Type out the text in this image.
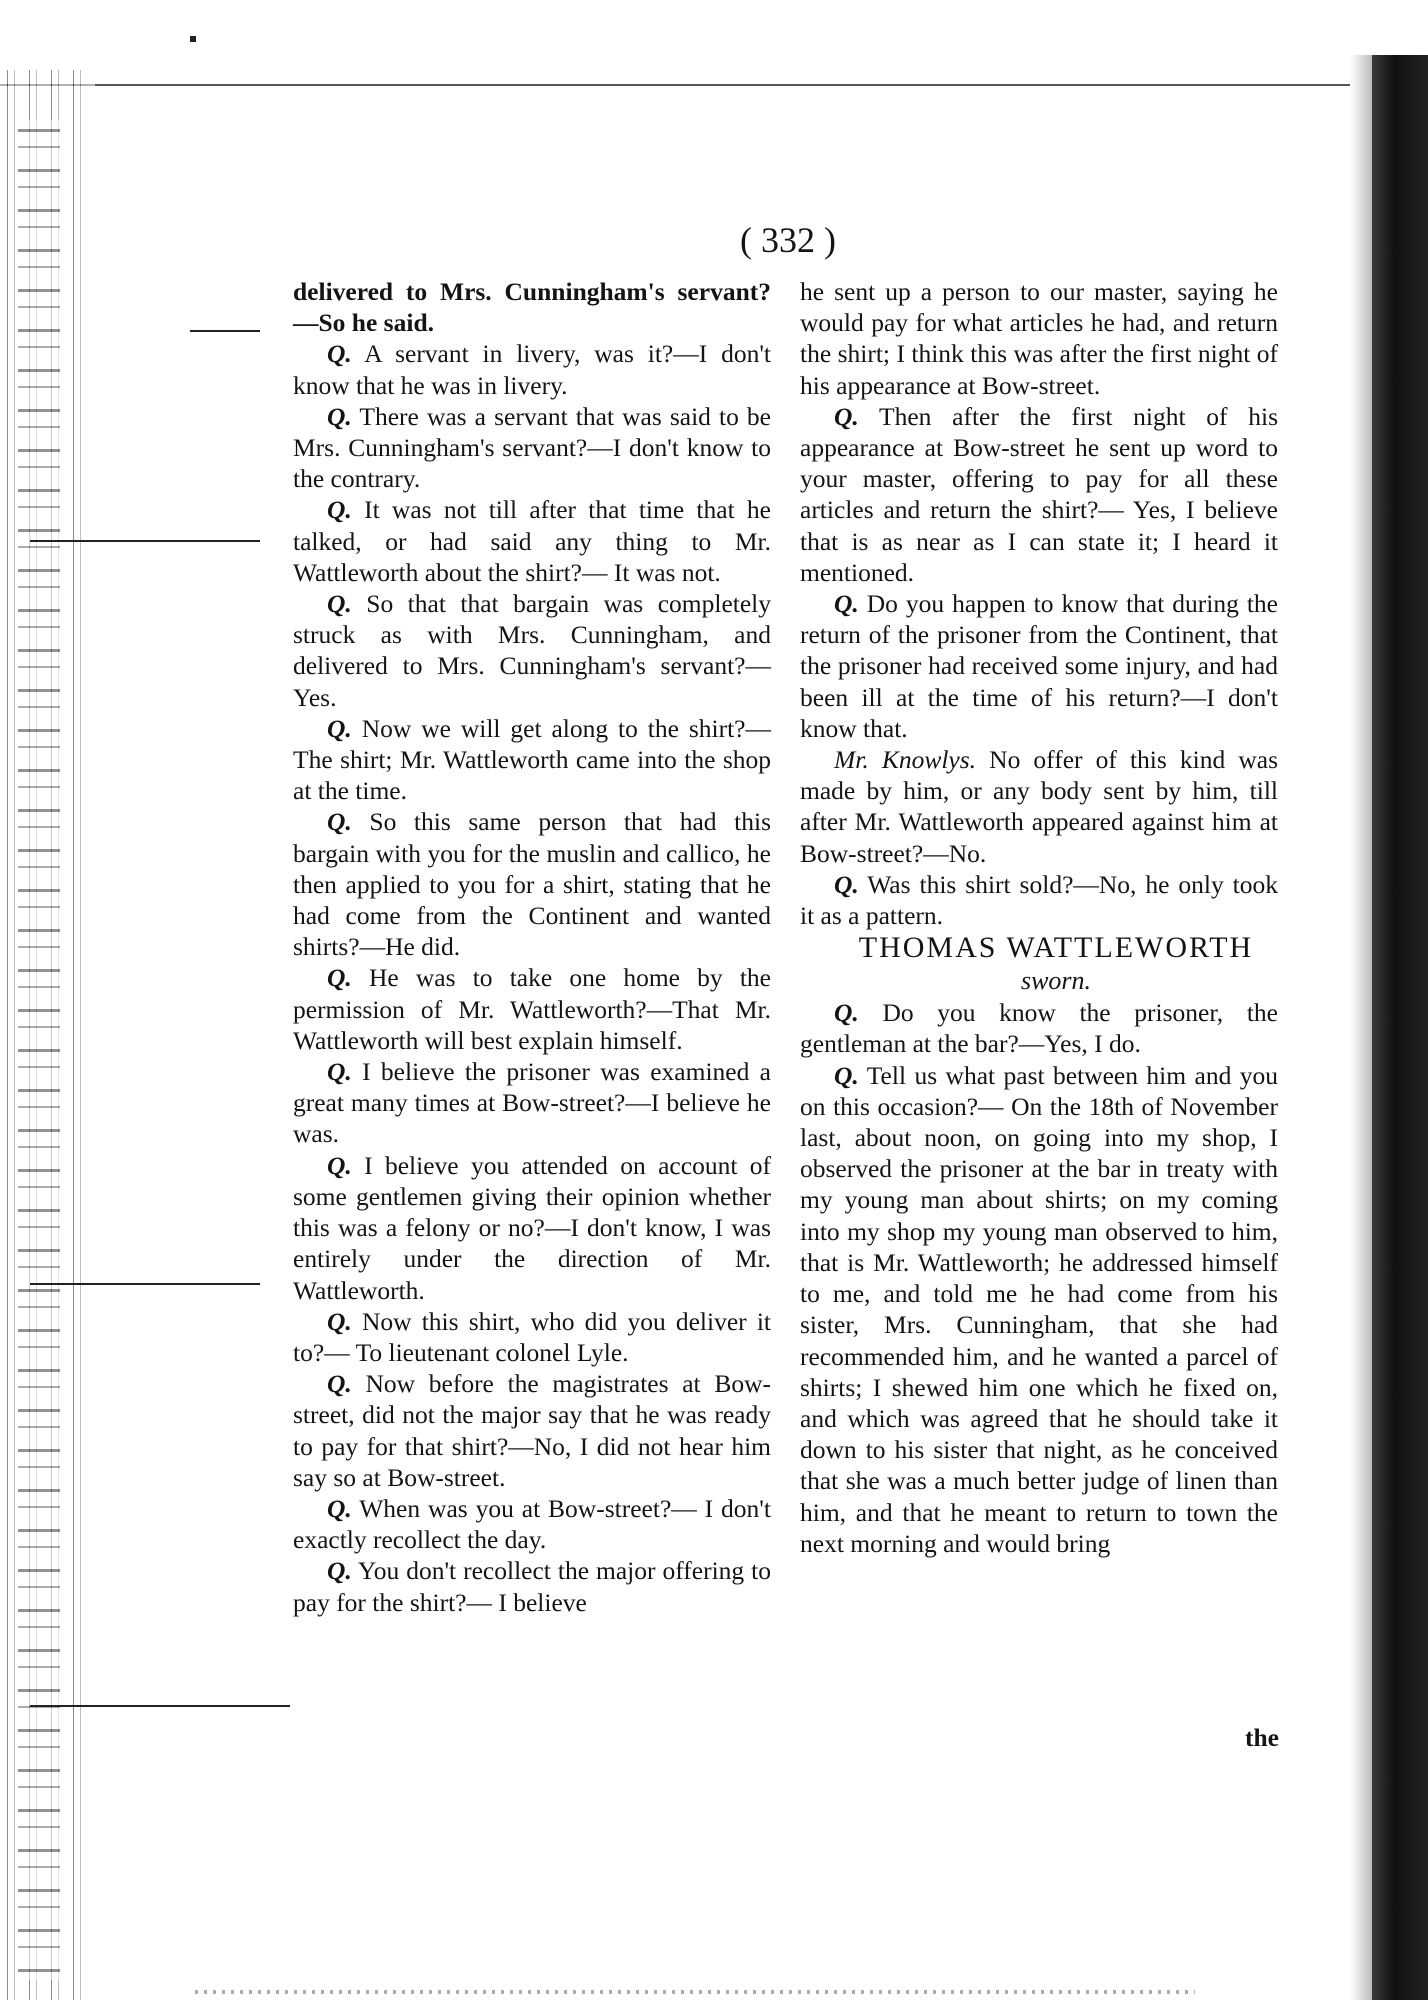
( 332 )

delivered to Mrs. Cunningham's servant? —So he said.

Q. A servant in livery, was it?—I don't know that he was in livery.

Q. There was a servant that was said to be Mrs. Cunningham's servant?—I don't know to the contrary.

Q. It was not till after that time that he talked, or had said any thing to Mr. Wattleworth about the shirt?— It was not.

Q. So that that bargain was completely struck as with Mrs. Cunningham, and delivered to Mrs. Cunningham's servant?—Yes.

Q. Now we will get along to the shirt?— The shirt; Mr. Wattleworth came into the shop at the time.

Q. So this same person that had this bargain with you for the muslin and callico, he then applied to you for a shirt, stating that he had come from the Continent and wanted shirts?—He did.

Q. He was to take one home by the permission of Mr. Wattleworth?—That Mr. Wattleworth will best explain himself.

Q. I believe the prisoner was examined a great many times at Bow-street?—I believe he was.

Q. I believe you attended on account of some gentlemen giving their opinion whether this was a felony or no?—I don't know, I was entirely under the direction of Mr. Wattleworth.

Q. Now this shirt, who did you deliver it to?— To lieutenant colonel Lyle.

Q. Now before the magistrates at Bow-street, did not the major say that he was ready to pay for that shirt?—No, I did not hear him say so at Bow-street.

Q. When was you at Bow-street?— I don't exactly recollect the day.

Q. You don't recollect the major offering to pay for the shirt?— I believe

he sent up a person to our master, saying he would pay for what articles he had, and return the shirt; I think this was after the first night of his appearance at Bow-street.

Q. Then after the first night of his appearance at Bow-street he sent up word to your master, offering to pay for all these articles and return the shirt?— Yes, I believe that is as near as I can state it; I heard it mentioned.

Q. Do you happen to know that during the return of the prisoner from the Continent, that the prisoner had received some injury, and had been ill at the time of his return?—I don't know that.

Mr. Knowlys. No offer of this kind was made by him, or any body sent by him, till after Mr. Wattleworth appeared against him at Bow-street?—No.

Q. Was this shirt sold?—No, he only took it as a pattern.

THOMAS WATTLEWORTH

sworn.

Q. Do you know the prisoner, the gentleman at the bar?—Yes, I do.

Q. Tell us what past between him and you on this occasion?— On the 18th of November last, about noon, on going into my shop, I observed the prisoner at the bar in treaty with my young man about shirts; on my coming into my shop my young man observed to him, that is Mr. Wattleworth; he addressed himself to me, and told me he had come from his sister, Mrs. Cunningham, that she had recommended him, and he wanted a parcel of shirts; I shewed him one which he fixed on, and which was agreed that he should take it down to his sister that night, as he conceived that she was a much better judge of linen than him, and that he meant to return to town the next morning and would bring

the
